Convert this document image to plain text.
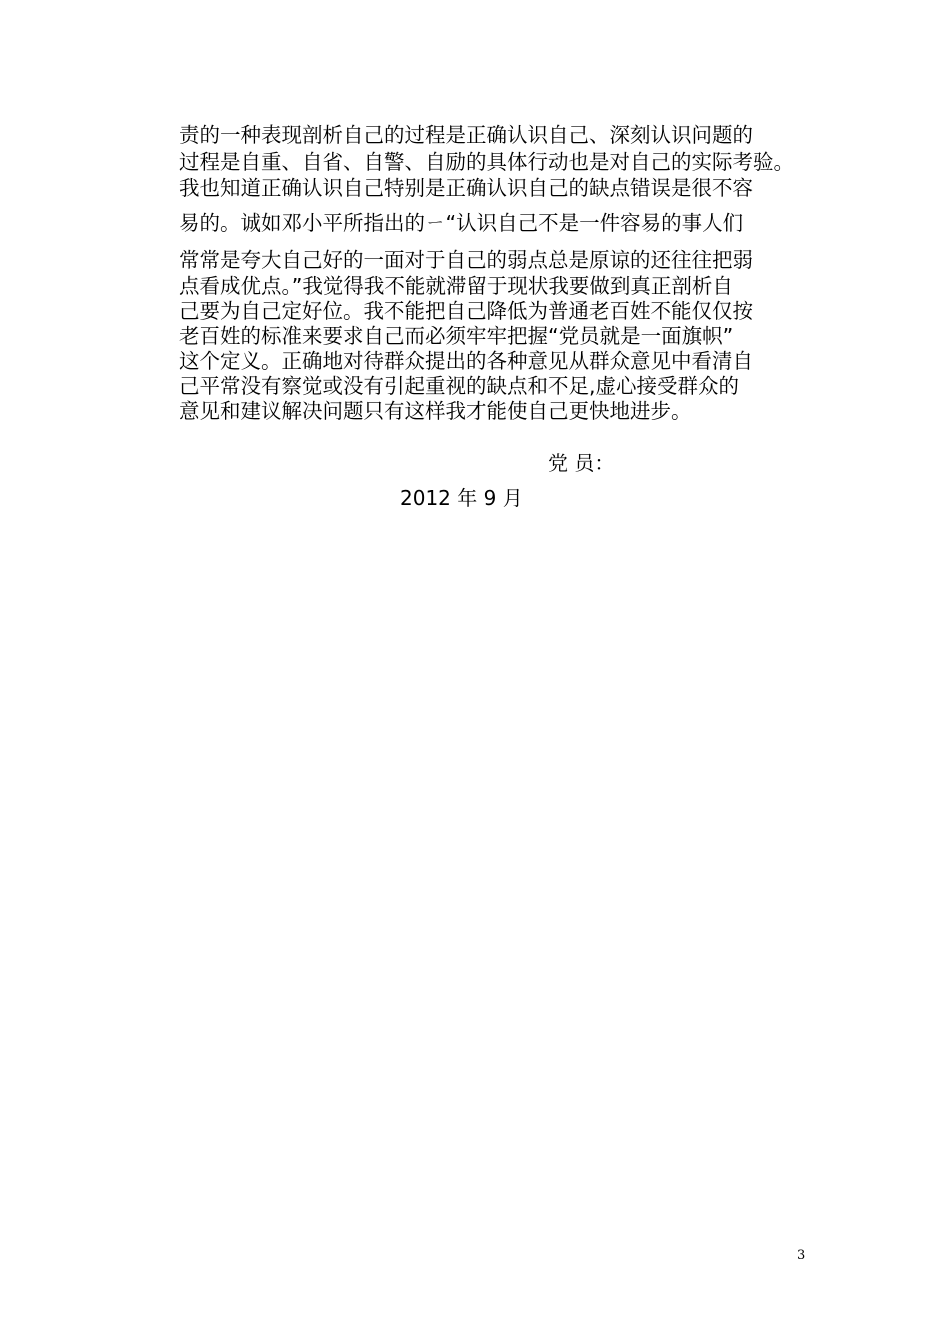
责的一种表现剖析自己的过程是正确认识自己、深刻认识问题的
过程是自重、自省、自警、自励的具体行动也是对自己的实际考验。
我也知道正确认识自己特别是正确认识自己的缺点错误是很不容
易的。诚如邓小平所指出的ㄧ“认识自己不是一件容易的事人们
常常是夸大自己好的一面对于自己的弱点总是原谅的还往往把弱
点看成优点。”我觉得我不能就滞留于现状我要做到真正剖析自
己要为自己定好位。我不能把自己降低为普通老百姓不能仅仅按
老百姓的标准来要求自己而必须牢牢把握“党员就是一面旗帜”
这个定义。正确地对待群众提出的各种意见从群众意见中看清自
己平常没有察觉或没有引起重视的缺点和不足,虚心接受群众的
意见和建议解决问题只有这样我才能使自己更快地进步。
党 员：
2012 年 9 月
3
